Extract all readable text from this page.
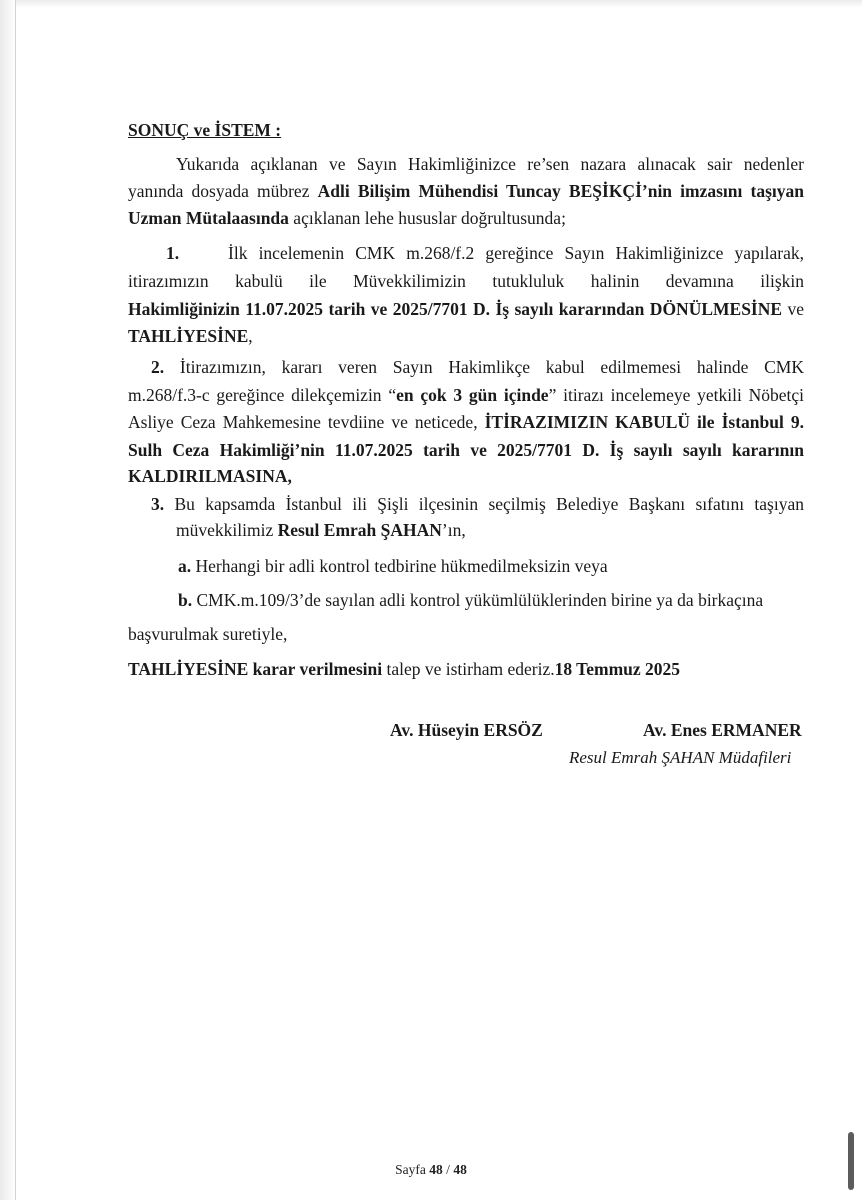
SONUÇ ve İSTEM :
Yukarıda açıklanan ve Sayın Hakimliğinizce re’sen nazara alınacak sair nedenler
yanında dosyada mübrez Adli Bilişim Mühendisi Tuncay BEŞİKÇİ’nin imzasını taşıyan
Uzman Mütalaasında açıklanan lehe hususlar doğrultusunda;
1.	İlk incelemenin CMK m.268/f.2 gereğince Sayın Hakimliğinizce yapılarak,
itirazımızın kabulü ile Müvekkilimizin tutukluluk halinin devamına ilişkin
Hakimliğinizin 11.07.2025 tarih ve 2025/7701 D. İş sayılı kararından DÖNÜLMESİNE ve
TAHLİYESİNE,
2. İtirazımızın, kararı veren Sayın Hakimlikçe kabul edilmemesi halinde CMK
m.268/f.3-c gereğince dilekçemizin “en çok 3 gün içinde” itirazı incelemeye yetkili Nöbetçi
Asliye Ceza Mahkemesine tevdiine ve neticede, İTİRAZIMIZIN KABULÜ ile İstanbul 9.
Sulh Ceza Hakimliği’nin 11.07.2025 tarih ve 2025/7701 D. İş sayılı sayılı kararının
KALDIRILMASINA,
3. Bu kapsamda İstanbul ili Şişli ilçesinin seçilmiş Belediye Başkanı sıfatını taşıyan
müvekkilimiz Resul Emrah ŞAHAN’ın,
a. Herhangi bir adli kontrol tedbirine hükmedilmeksizin veya
b. CMK.m.109/3’de sayılan adli kontrol yükümlülüklerinden birine ya da birkaçına
başvurulmak suretiyle,
TAHLİYESİNE karar verilmesini talep ve istirham ederiz.18 Temmuz 2025
Av. Hüseyin ERSÖZ	Av. Enes ERMANER
Resul Emrah ŞAHAN Müdafileri
Sayfa 48 / 48
